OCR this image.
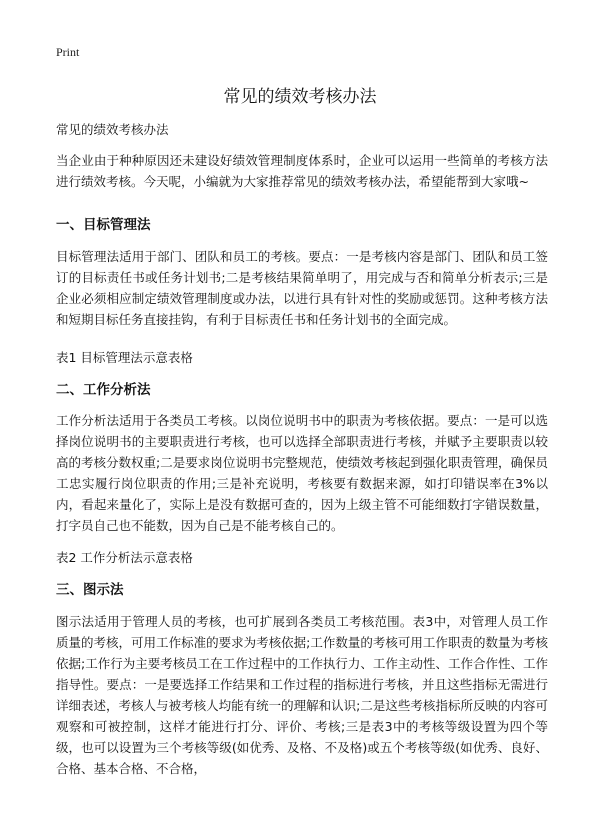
Print
常见的绩效考核办法

常见的绩效考核办法

当企业由于种种原因还未建设好绩效管理制度体系时，企业可以运用一些简单的考核方法进行绩效考核。今天呢，小编就为大家推荐常见的绩效考核办法，希望能帮到大家哦~

一、目标管理法

目标管理法适用于部门、团队和员工的考核。要点：一是考核内容是部门、团队和员工签订的目标责任书或任务计划书;二是考核结果简单明了，用完成与否和简单分析表示;三是企业必须相应制定绩效管理制度或办法，以进行具有针对性的奖励或惩罚。这种考核方法和短期目标任务直接挂钩，有利于目标责任书和任务计划书的全面完成。

表1 目标管理法示意表格

二、工作分析法

工作分析法适用于各类员工考核。以岗位说明书中的职责为考核依据。要点：一是可以选择岗位说明书的主要职责进行考核，也可以选择全部职责进行考核，并赋予主要职责以较高的考核分数权重;二是要求岗位说明书完整规范，使绩效考核起到强化职责管理，确保员工忠实履行岗位职责的作用;三是补充说明，考核要有数据来源，如打印错误率在3%以内，看起来量化了，实际上是没有数据可查的，因为上级主管不可能细数打字错误数量，打字员自己也不能数，因为自己是不能考核自己的。

表2 工作分析法示意表格

三、图示法

图示法适用于管理人员的考核，也可扩展到各类员工考核范围。表3中，对管理人员工作质量的考核，可用工作标准的要求为考核依据;工作数量的考核可用工作职责的数量为考核依据;工作行为主要考核员工在工作过程中的工作执行力、工作主动性、工作合作性、工作指导性。要点：一是要选择工作结果和工作过程的指标进行考核，并且这些指标无需进行详细表述，考核人与被考核人均能有统一的理解和认识;二是这些考核指标所反映的内容可观察和可被控制，这样才能进行打分、评价、考核;三是表3中的考核等级设置为四个等级，也可以设置为三个考核等级(如优秀、及格、不及格)或五个考核等级(如优秀、良好、合格、基本合格、不合格，
